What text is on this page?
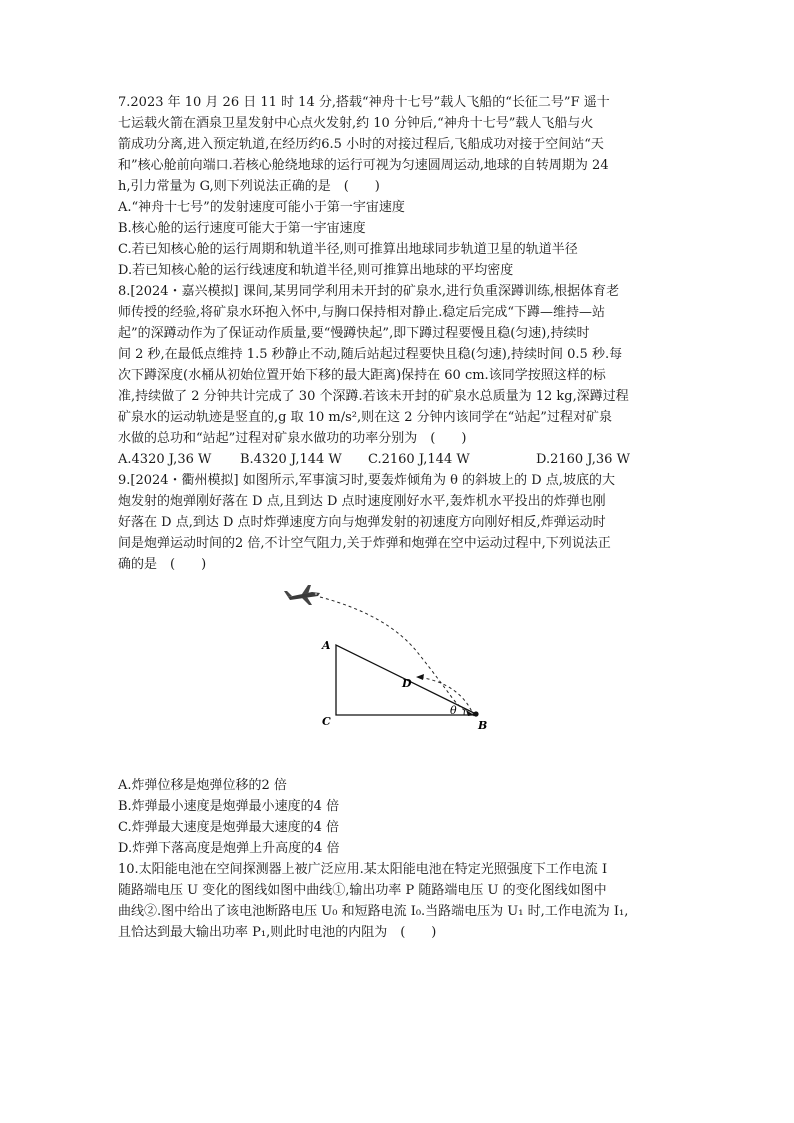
7.2023 年 10 月 26 日 11 时 14 分,搭载“神舟十七号”载人飞船的“长征二号”F 遥十
七运载火箭在酒泉卫星发射中心点火发射,约 10 分钟后,“神舟十七号”载人飞船与火
箭成功分离,进入预定轨道,在经历约6.5 小时的对接过程后,飞船成功对接于空间站“天
和”核心舱前向端口.若核心舱绕地球的运行可视为匀速圆周运动,地球的自转周期为 24
h,引力常量为 G,则下列说法正确的是　(　　)
A.“神舟十七号”的发射速度可能小于第一宇宙速度
B.核心舱的运行速度可能大于第一宇宙速度
C.若已知核心舱的运行周期和轨道半径,则可推算出地球同步轨道卫星的轨道半径
D.若已知核心舱的运行线速度和轨道半径,则可推算出地球的平均密度
8.[2024・嘉兴模拟] 课间,某男同学利用未开封的矿泉水,进行负重深蹲训练,根据体育老
师传授的经验,将矿泉水环抱入怀中,与胸口保持相对静止.稳定后完成“下蹲—维持—站
起”的深蹲动作为了保证动作质量,要“慢蹲快起”,即下蹲过程要慢且稳(匀速),持续时
间 2 秒,在最低点维持 1.5 秒静止不动,随后站起过程要快且稳(匀速),持续时间 0.5 秒.每
次下蹲深度(水桶从初始位置开始下移的最大距离)保持在 60 cm.该同学按照这样的标
准,持续做了 2 分钟共计完成了 30 个深蹲.若该未开封的矿泉水总质量为 12 kg,深蹲过程
矿泉水的运动轨迹是竖直的,g 取 10 m/s²,则在这 2 分钟内该同学在“站起”过程对矿泉
水做的总功和“站起”过程对矿泉水做功的功率分别为　(　　)
A.4320 J,36 W	B.4320 J,144 W	C.2160 J,144 W	D.2160 J,36 W
9.[2024・衢州模拟] 如图所示,军事演习时,要轰炸倾角为 θ 的斜坡上的 D 点,坡底的大
炮发射的炮弹刚好落在 D 点,且到达 D 点时速度刚好水平,轰炸机水平投出的炸弹也刚
好落在 D 点,到达 D 点时炸弹速度方向与炮弹发射的初速度方向刚好相反,炸弹运动时
间是炮弹运动时间的2 倍,不计空气阻力,关于炸弹和炮弹在空中运动过程中,下列说法正
确的是　(　　)
A
C	B
D
θ
A.炸弹位移是炮弹位移的2 倍
B.炸弹最小速度是炮弹最小速度的4 倍
C.炸弹最大速度是炮弹最大速度的4 倍
D.炸弹下落高度是炮弹上升高度的4 倍
10.太阳能电池在空间探测器上被广泛应用.某太阳能电池在特定光照强度下工作电流 I
随路端电压 U 变化的图线如图中曲线①,输出功率 P 随路端电压 U 的变化图线如图中
曲线②.图中给出了该电池断路电压 U₀ 和短路电流 I₀.当路端电压为 U₁ 时,工作电流为 I₁,
且恰达到最大输出功率 P₁,则此时电池的内阻为　(　　)
